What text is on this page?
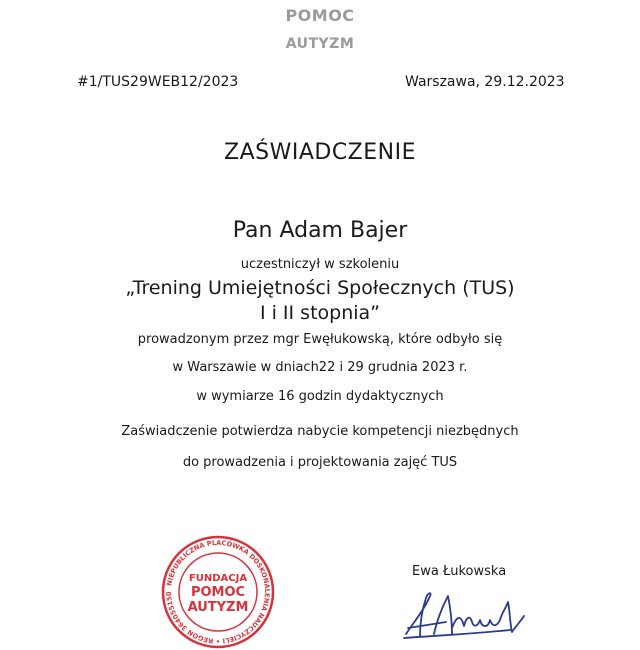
POMOC
AUTYZM
#1/TUS29WEB12/2023	Warszawa, 29.12.2023
ZAŚWIADCZENIE
Pan Adam Bajer
uczestniczył w szkoleniu
„Trening Umiejętności Społecznych (TUS)
I i II stopnia”
prowadzonym przez mgr Ewęłukowską, które odbyło się
w Warszawie w dniach22 i 29 grudnia 2023 r.
w wymiarze 16 godzin dydaktycznych
Zaświadczenie potwierdza nabycie kompetencji niezbędnych
do prowadzenia i projektowania zajęć TUS
Ewa Łukowska
NIEPUBLICZNA PLACÓWKA DOSKONALENIA NAUCZYCIELI • REGON 364055150
FUNDACJA
POMOC
AUTYZM
